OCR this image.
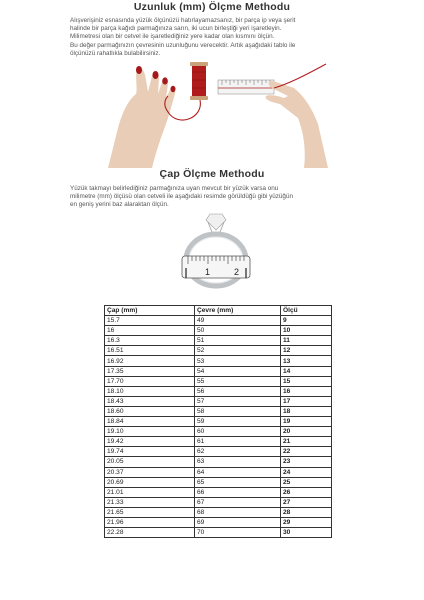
Uzunluk (mm) Ölçme Methodu

Alışverişiniz esnasında yüzük ölçünüzü hatırlayamazsanız, bir parça ip veya şerit

halinde bir parça kağıdı parmağınıza sarın, iki ucun birleştiği yeri işaretleyin.

Milimetresi olan bir cetvel ile işaretlediğiniz yere kadar olan kısmını ölçün.

Bu değer parmağınızın çevresinin uzunluğunu verecektir. Artık aşağıdaki tablo ile

ölçünüzü rahatlıkla bulabilirsiniz.

Çap Ölçme Methodu

Yüzük takmayı belirlediğiniz parmağınıza uyan mevcut bir yüzük varsa onu

milimetre (mm) ölçüsü olan cetveli ile aşağıdaki resimde görüldüğü gibi yüzüğün

en geniş yerini baz alaraktan ölçün.

1	2
Çap (mm)	Çevre (mm)	Ölçü
15.7	49	9
16	50	10
16.3	51	11
16.51	52	12
16.92	53	13
17.35	54	14
17.70	55	15
18.10	56	16
18.43	57	17
18.60	58	18
18.84	59	19
19.10	60	20
19.42	61	21
19.74	62	22
20.05	63	23
20.37	64	24
20.69	65	25
21.01	66	26
21.33	67	27
21.65	68	28
21.96	69	29
22.28	70	30
